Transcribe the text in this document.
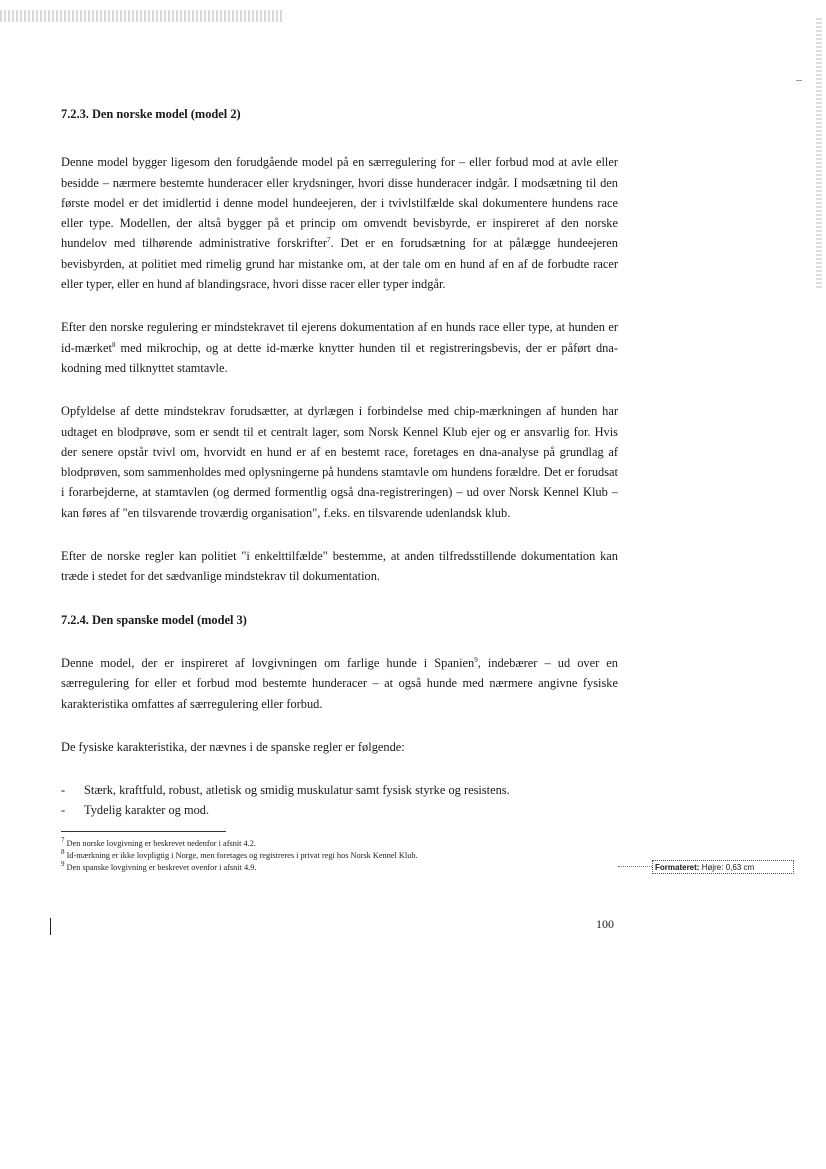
7.2.3. Den norske model (model 2)

Denne model bygger ligesom den forudgående model på en særregulering for – eller forbud mod at avle eller besidde – nærmere bestemte hunderacer eller krydsninger, hvori disse hunderacer indgår. I modsætning til den første model er det imidlertid i denne model hundeejeren, der i tvivlstilfælde skal dokumentere hundens race eller type. Modellen, der altså bygger på et princip om omvendt bevisbyrde, er inspireret af den norske hundelov med tilhørende administrative forskrifter$^7$. Det er en forudsætning for at pålægge hundeejeren bevisbyrden, at politiet med rimelig grund har mistanke om, at der tale om en hund af en af de forbudte racer eller typer, eller en hund af blandingsrace, hvori disse racer eller typer indgår.

Efter den norske regulering er mindstekravet til ejerens dokumentation af en hunds race eller type, at hunden er id-mærket$^8$ med mikrochip, og at dette id-mærke knytter hunden til et registreringsbevis, der er påført dna-kodning med tilknyttet stamtavle.

Opfyldelse af dette mindstekrav forudsætter, at dyrlægen i forbindelse med chip-mærkningen af hunden har udtaget en blodprøve, som er sendt til et centralt lager, som Norsk Kennel Klub ejer og er ansvarlig for. Hvis der senere opstår tvivl om, hvorvidt en hund er af en bestemt race, foretages en dna-analyse på grundlag af blodprøven, som sammenholdes med oplysningerne på hundens stamtavle om hundens forældre. Det er forudsat i forarbejderne, at stamtavlen (og dermed formentlig også dna-registreringen) – ud over Norsk Kennel Klub – kan føres af "en tilsvarende troværdig organisation", f.eks. en tilsvarende udenlandsk klub.

Efter de norske regler kan politiet "i enkelttilfælde" bestemme, at anden tilfredsstillende dokumentation kan træde i stedet for det sædvanlige mindstekrav til dokumentation.

7.2.4. Den spanske model (model 3)

Denne model, der er inspireret af lovgivningen om farlige hunde i Spanien$^9$, indebærer – ud over en særregulering for eller et forbud mod bestemte hunderacer – at også hunde med nærmere angivne fysiske karakteristika omfattes af særregulering eller forbud.

De fysiske karakteristika, der nævnes i de spanske regler er følgende:

- Stærk, kraftfuld, robust, atletisk og smidig muskulatur samt fysisk styrke og resistens.
- Tydelig karakter og mod.
$^7$ Den norske lovgivning er beskrevet nedenfor i afsnit 4.2.
$^8$ Id-mærkning er ikke lovpligtig i Norge, men foretages og registreres i privat regi hos Norsk Kennel Klub.
$^9$ Den spanske lovgivning er beskrevet ovenfor i afsnit 4.9.	Formateret: Højre: 0,63 cm
100
